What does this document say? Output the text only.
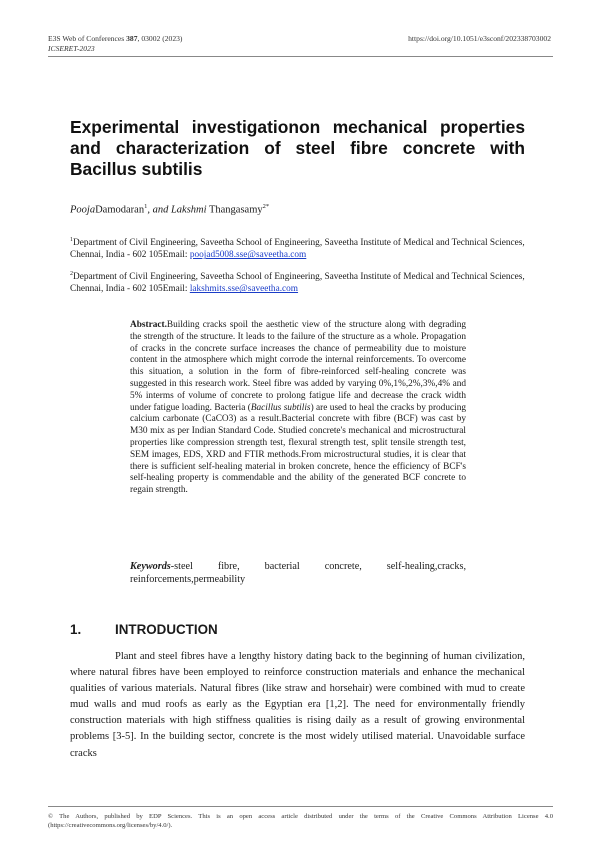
E3S Web of Conferences 387, 03002 (2023)
ICSERET-2023
https://doi.org/10.1051/e3sconf/202338703002
Experimental investigationon mechanical properties and characterization of steel fibre concrete with Bacillus subtilis
PoojaDamodaran$^1$, and Lakshmi Thangasamy$^{2*}$
$^1$Department of Civil Engineering, Saveetha School of Engineering, Saveetha Institute of Medical and Technical Sciences, Chennai, India - 602 105Email: poojad5008.sse@saveetha.com
$^2$Department of Civil Engineering, Saveetha School of Engineering, Saveetha Institute of Medical and Technical Sciences, Chennai, India - 602 105Email: lakshmits.sse@saveetha.com
Abstract.Building cracks spoil the aesthetic view of the structure along with degrading the strength of the structure. It leads to the failure of the structure as a whole. Propagation of cracks in the concrete surface increases the chance of permeability due to moisture content in the atmosphere which might corrode the internal reinforcements. To overcome this situation, a solution in the form of fibre-reinforced self-healing concrete was suggested in this research work. Steel fibre was added by varying 0%,1%,2%,3%,4% and 5% interms of volume of concrete to prolong fatigue life and decrease the crack width under fatigue loading. Bacteria (Bacillus subtilis) are used to heal the cracks by producing calcium carbonate (CaCO3) as a result.Bacterial concrete with fibre (BCF) was cast by M30 mix as per Indian Standard Code. Studied concrete's mechanical and microstructural properties like compression strength test, flexural strength test, split tensile strength test, SEM images, EDS, XRD and FTIR methods.From microstructural studies, it is clear that there is sufficient self-healing material in broken concrete, hence the efficiency of BCF's self-healing property is commendable and the ability of the generated BCF concrete to regain strength.
Keywords-steel fibre, bacterial concrete, self-healing,cracks, reinforcements,permeability
1.	INTRODUCTION
Plant and steel fibres have a lengthy history dating back to the beginning of human civilization, where natural fibres have been employed to reinforce construction materials and enhance the mechanical qualities of various materials. Natural fibres (like straw and horsehair) were combined with mud to create mud walls and mud roofs as early as the Egyptian era [1,2]. The need for environmentally friendly construction materials with high stiffness qualities is rising daily as a result of growing environmental problems [3-5]. In the building sector, concrete is the most widely utilised material. Unavoidable surface cracks
© The Authors, published by EDP Sciences. This is an open access article distributed under the terms of the Creative Commons Attribution License 4.0 (https://creativecommons.org/licenses/by/4.0/).
